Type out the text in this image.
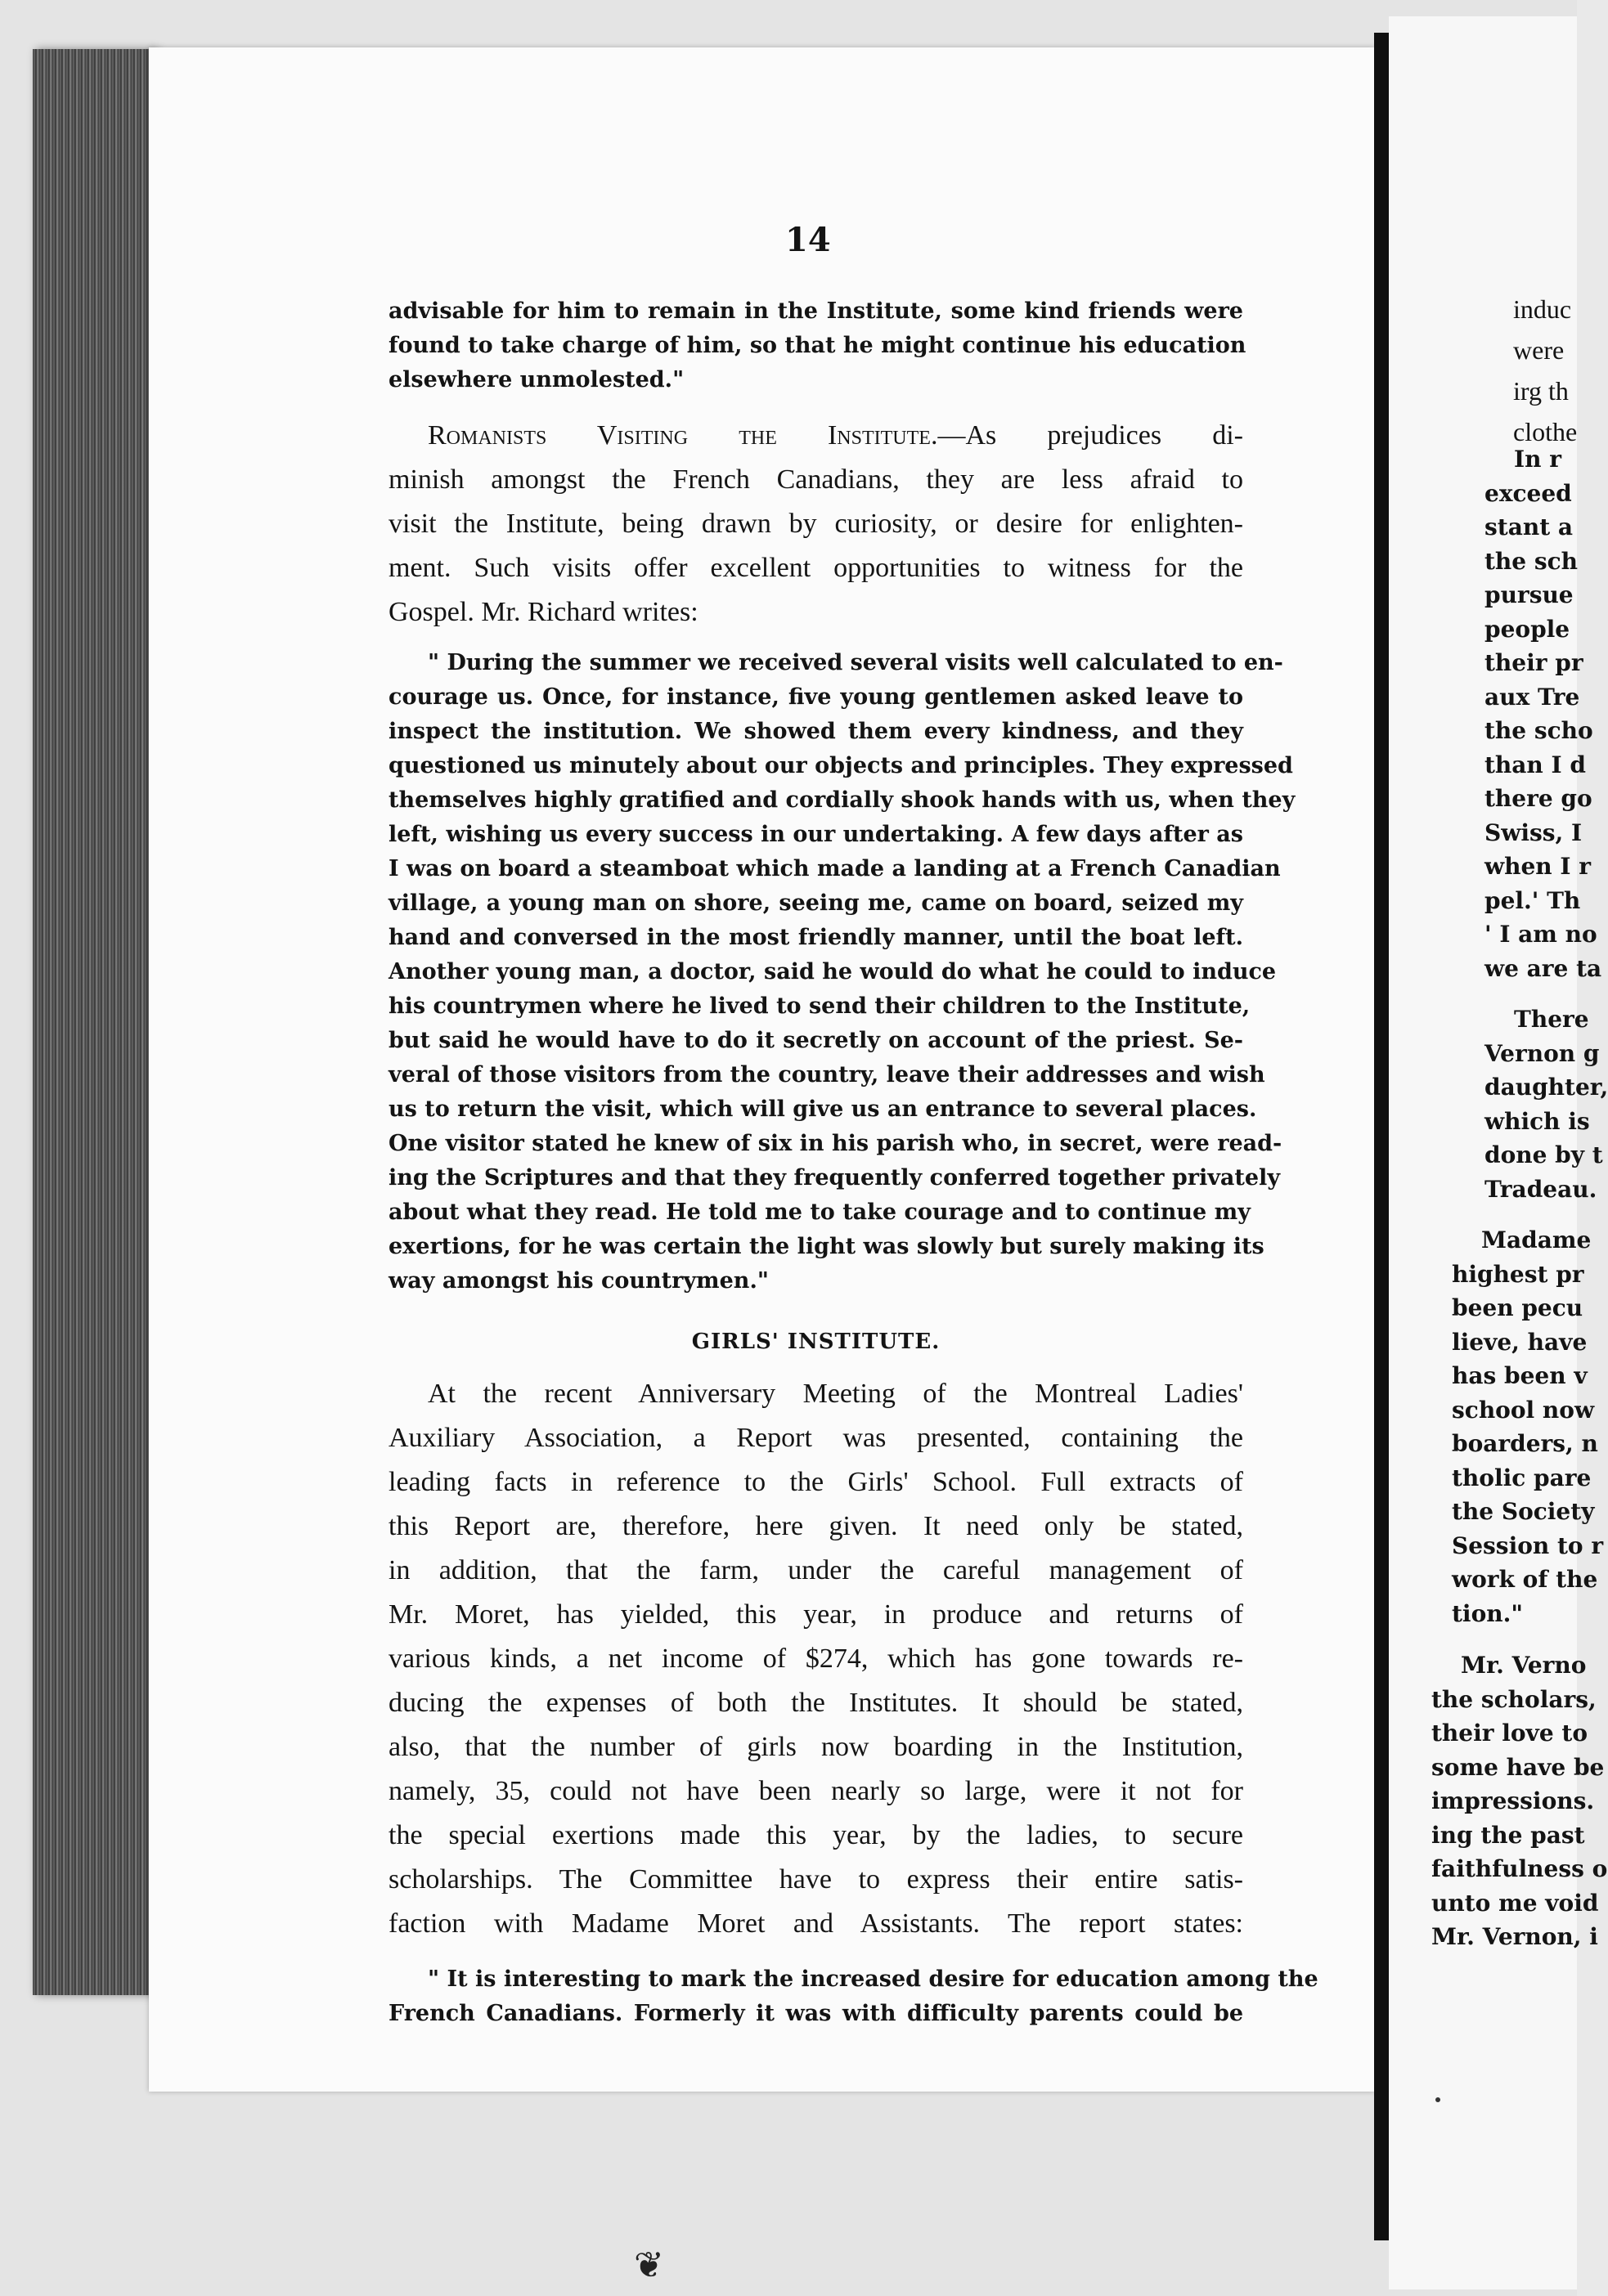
14
advisable for him to remain in the Institute, some kind friends were
found to take charge of him, so that he might continue his education
elsewhere unmolested."
Romanists Visiting the Institute.—As prejudices di-
minish amongst the French Canadians, they are less afraid to
visit the Institute, being drawn by curiosity, or desire for enlighten-
ment. Such visits offer excellent opportunities to witness for the
Gospel. Mr. Richard writes:
" During the summer we received several visits well calculated to en-
courage us. Once, for instance, five young gentlemen asked leave to
inspect the institution. We showed them every kindness, and they
questioned us minutely about our objects and principles. They expressed
themselves highly gratified and cordially shook hands with us, when they
left, wishing us every success in our undertaking. A few days after as
I was on board a steamboat which made a landing at a French Canadian
village, a young man on shore, seeing me, came on board, seized my
hand and conversed in the most friendly manner, until the boat left.
Another young man, a doctor, said he would do what he could to induce
his countrymen where he lived to send their children to the Institute,
but said he would have to do it secretly on account of the priest. Se-
veral of those visitors from the country, leave their addresses and wish
us to return the visit, which will give us an entrance to several places.
One visitor stated he knew of six in his parish who, in secret, were read-
ing the Scriptures and that they frequently conferred together privately
about what they read. He told me to take courage and to continue my
exertions, for he was certain the light was slowly but surely making its
way amongst his countrymen."
GIRLS' INSTITUTE.
At the recent Anniversary Meeting of the Montreal Ladies'
Auxiliary Association, a Report was presented, containing the
leading facts in reference to the Girls' School. Full extracts of
this Report are, therefore, here given. It need only be stated,
in addition, that the farm, under the careful management of
Mr. Moret, has yielded, this year, in produce and returns of
various kinds, a net income of $274, which has gone towards re-
ducing the expenses of both the Institutes. It should be stated,
also, that the number of girls now boarding in the Institution,
namely, 35, could not have been nearly so large, were it not for
the special exertions made this year, by the ladies, to secure
scholarships. The Committee have to express their entire satis-
faction with Madame Moret and Assistants. The report states:
" It is interesting to mark the increased desire for education among the
French Canadians. Formerly it was with difficulty parents could be
induc
were
irg th
clothe
In r
exceed
stant a
the sch
pursue
people
their pr
aux Tre
the scho
than I d
there go
Swiss, I
when I r
pel.' Th
' I am no
we are ta
There
Vernon g
daughter,
which is
done by t
Tradeau.
Madame
highest pr
been pecu
lieve, have
has been v
school now
boarders, n
tholic pare
the Society
Session to r
work of the
tion."
Mr. Verno
the scholars,
their love to
some have be
impressions.
ing the past
faithfulness o
unto me void
Mr. Vernon, i
❦
